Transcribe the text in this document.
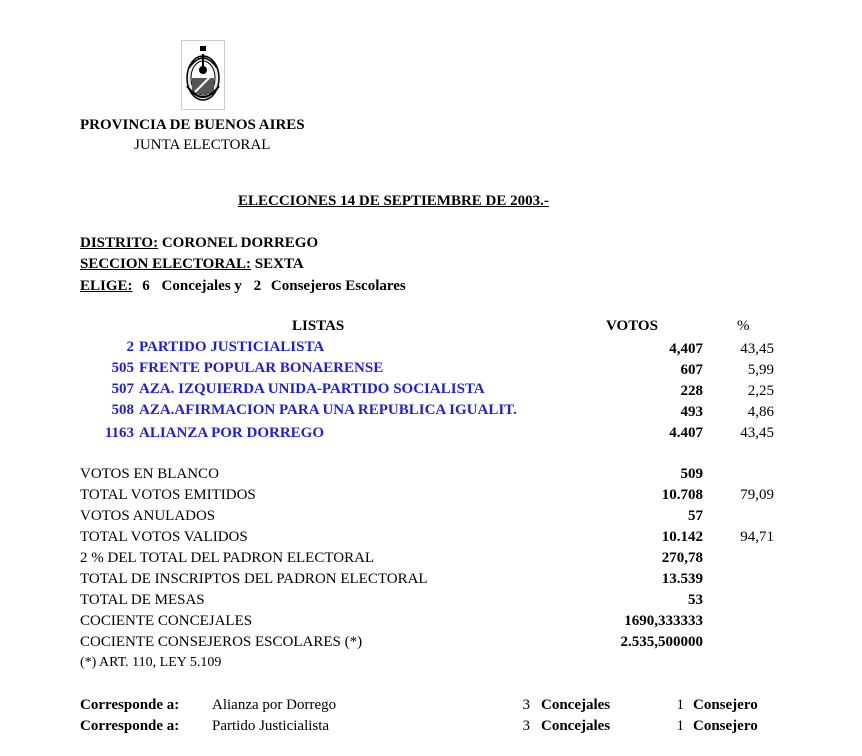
PROVINCIA DE BUENOS AIRES
JUNTA ELECTORAL
ELECCIONES 14 DE SEPTIEMBRE DE 2003.-
DISTRITO: CORONEL DORREGO
SECCION ELECTORAL: SEXTA
ELIGE: 6 Concejales y 2 Consejeros Escolares
LISTAS	VOTOS	%
2 PARTIDO JUSTICIALISTA	4,407	43,45
505 FRENTE POPULAR BONAERENSE	607	5,99
507 AZA. IZQUIERDA UNIDA-PARTIDO SOCIALISTA	228	2,25
508 AZA.AFIRMACION PARA UNA REPUBLICA IGUALIT.	493	4,86
1163 ALIANZA POR DORREGO	4.407	43,45
VOTOS EN BLANCO	509
TOTAL VOTOS EMITIDOS	10.708	79,09
VOTOS ANULADOS	57
TOTAL VOTOS VALIDOS	10.142	94,71
2 % DEL TOTAL DEL PADRON ELECTORAL	270,78
TOTAL DE INSCRIPTOS DEL PADRON ELECTORAL	13.539
TOTAL DE MESAS	53
COCIENTE CONCEJALES	1690,333333
COCIENTE CONSEJEROS ESCOLARES (*)	2.535,500000
(*) ART. 110, LEY 5.109
Corresponde a: Alianza por Dorrego	3 Concejales	1 Consejero
Corresponde a: Partido Justicialista	3 Concejales	1 Consejero
